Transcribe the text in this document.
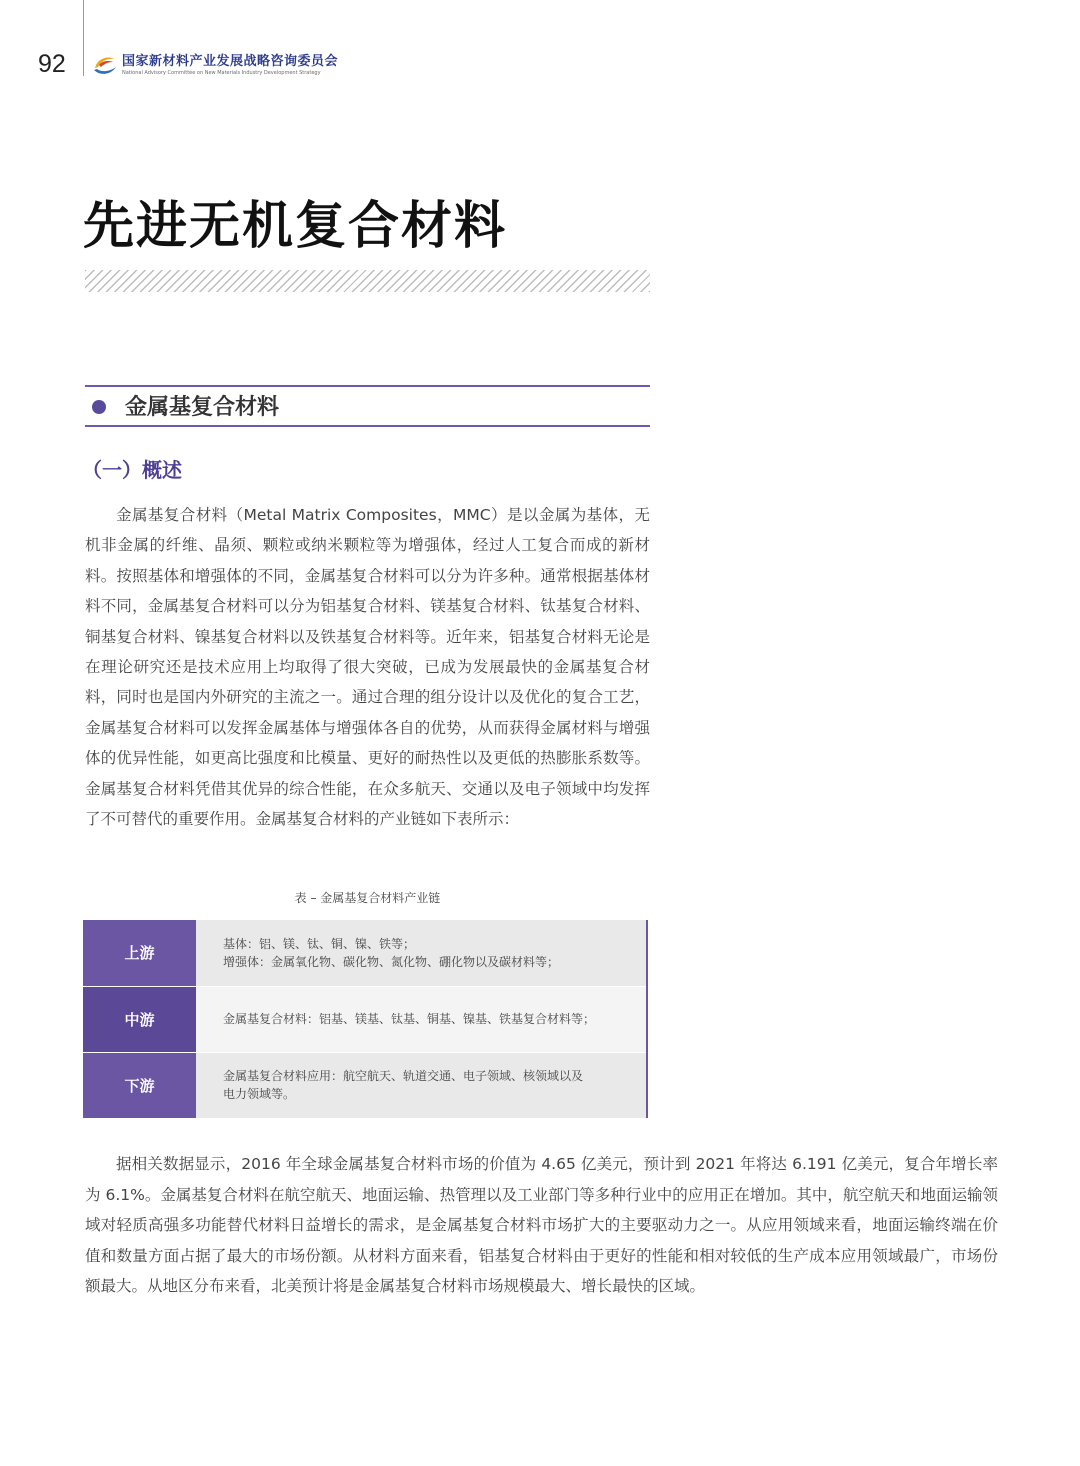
92	国家新材料产业发展战略咨询委员会
National Advisory Committee on New Materials Industry Development Strategy
先进无机复合材料
金属基复合材料
（一）概述

金属基复合材料（Metal Matrix Composites，MMC）是以金属为基体，无机非金属的纤维、晶须、颗粒或纳米颗粒等为增强体，经过人工复合而成的新材料。按照基体和增强体的不同，金属基复合材料可以分为许多种。通常根据基体材料不同，金属基复合材料可以分为铝基复合材料、镁基复合材料、钛基复合材料、铜基复合材料、镍基复合材料以及铁基复合材料等。近年来，铝基复合材料无论是在理论研究还是技术应用上均取得了很大突破，已成为发展最快的金属基复合材料，同时也是国内外研究的主流之一。通过合理的组分设计以及优化的复合工艺，金属基复合材料可以发挥金属基体与增强体各自的优势，从而获得金属材料与增强体的优异性能，如更高比强度和比模量、更好的耐热性以及更低的热膨胀系数等。金属基复合材料凭借其优异的综合性能，在众多航天、交通以及电子领域中均发挥了不可替代的重要作用。金属基复合材料的产业链如下表所示：

表 – 金属基复合材料产业链
上游	基体：铝、镁、钛、铜、镍、铁等；
增强体：金属氧化物、碳化物、氮化物、硼化物以及碳材料等；

中游	金属基复合材料：铝基、镁基、钛基、铜基、镍基、铁基复合材料等；

下游	金属基复合材料应用：航空航天、轨道交通、电子领域、核领域以及
电力领域等。

据相关数据显示，2016 年全球金属基复合材料市场的价值为 4.65 亿美元，预计到 2021 年将达 6.191 亿美元，复合年增长率为 6.1%。金属基复合材料在航空航天、地面运输、热管理以及工业部门等多种行业中的应用正在增加。其中，航空航天和地面运输领域对轻质高强多功能替代材料日益增长的需求，是金属基复合材料市场扩大的主要驱动力之一。从应用领域来看，地面运输终端在价值和数量方面占据了最大的市场份额。从材料方面来看，铝基复合材料由于更好的性能和相对较低的生产成本应用领域最广，市场份额最大。从地区分布来看，北美预计将是金属基复合材料市场规模最大、增长最快的区域。
